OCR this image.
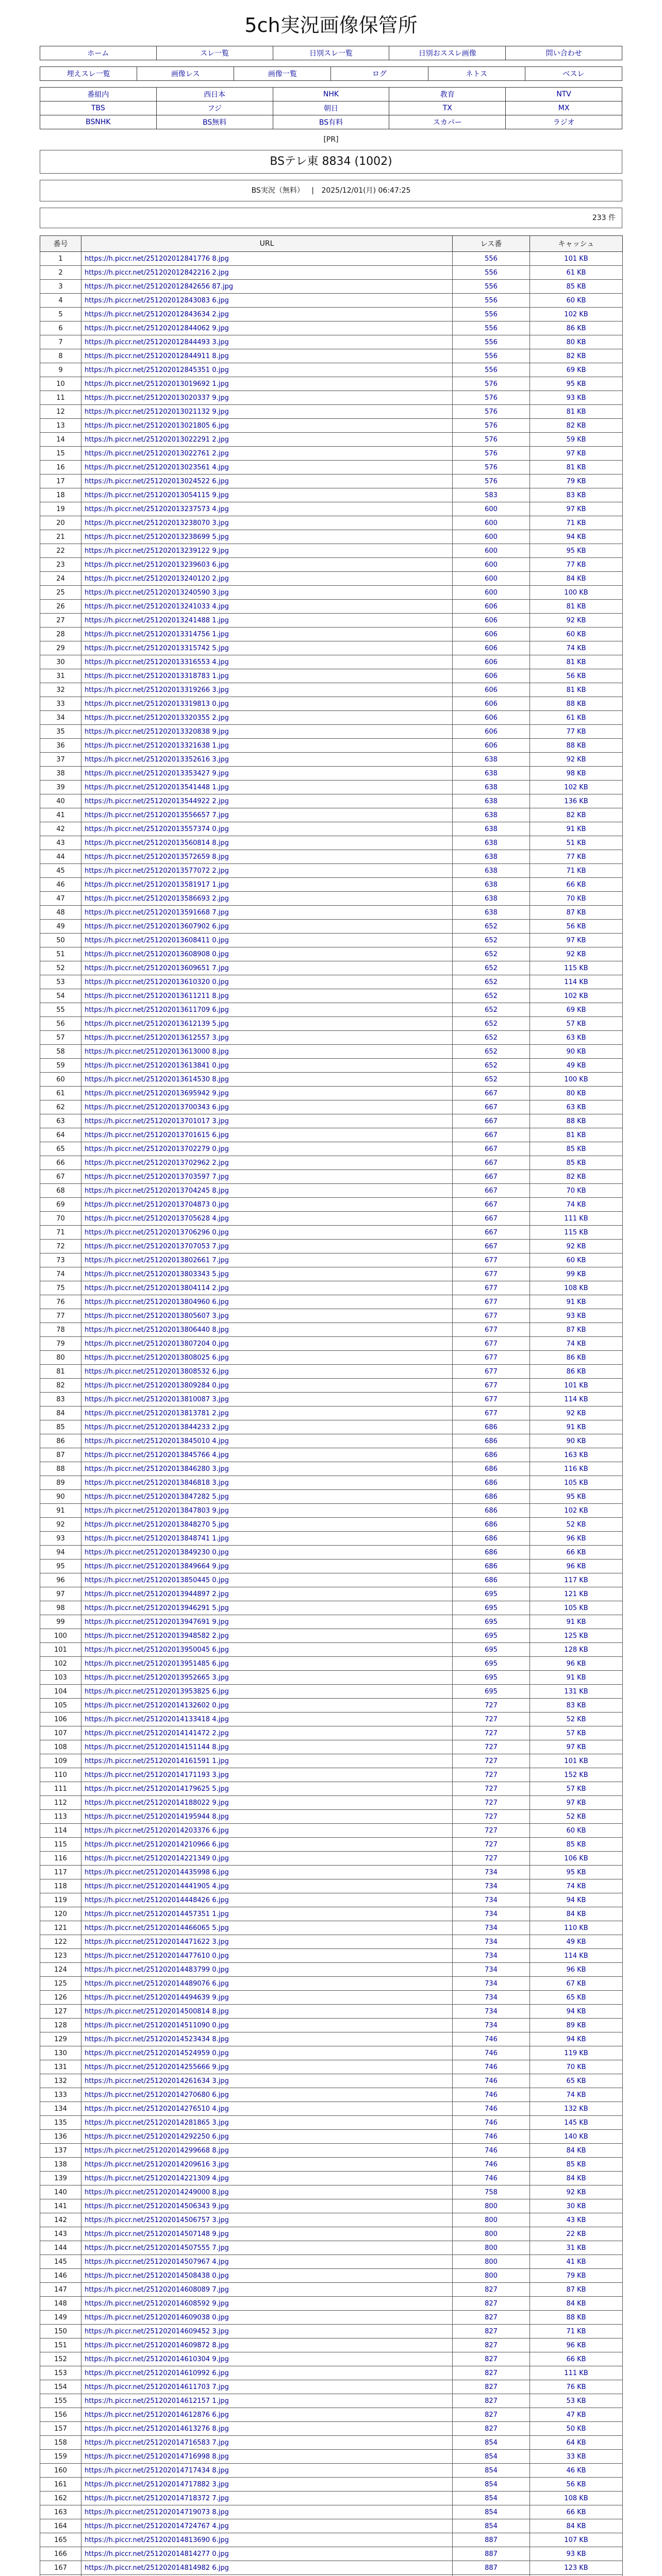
5ch実況画像保管所
ホーム	スレ一覧	日別スレ一覧	日別おススレ画像	問い合わせ
埋えスレ一覧	画像レス	画像一覧	ログ	ネトス	ベスレ
番組内	西日本	NHK	教育	NTV
TBS	フジ	朝日	TX	MX
BSNHK	BS無料	BS有料	スカパー	ラジオ
[PR]
BSテレ東 8834 (1002)
BS実況（無料） | 2025/12/01(月) 06:47:25
233 件
番号	URL	レス番	キャッシュ
1	https://h.piccr.net/251202012841776 8.jpg	556	101 KB
2	https://h.piccr.net/251202012842216 2.jpg	556	61 KB
3	https://h.piccr.net/251202012842656 87.jpg	556	85 KB
4	https://h.piccr.net/251202012843083 6.jpg	556	60 KB
5	https://h.piccr.net/251202012843634 2.jpg	556	102 KB
6	https://h.piccr.net/251202012844062 9.jpg	556	86 KB
7	https://h.piccr.net/251202012844493 3.jpg	556	80 KB
8	https://h.piccr.net/251202012844911 8.jpg	556	82 KB
9	https://h.piccr.net/251202012845351 0.jpg	556	69 KB
10	https://h.piccr.net/251202013019692 1.jpg	576	95 KB
11	https://h.piccr.net/251202013020337 9.jpg	576	93 KB
12	https://h.piccr.net/251202013021132 9.jpg	576	81 KB
13	https://h.piccr.net/251202013021805 6.jpg	576	82 KB
14	https://h.piccr.net/251202013022291 2.jpg	576	59 KB
15	https://h.piccr.net/251202013022761 2.jpg	576	97 KB
16	https://h.piccr.net/251202013023561 4.jpg	576	81 KB
17	https://h.piccr.net/251202013024522 6.jpg	576	79 KB
18	https://h.piccr.net/251202013054115 9.jpg	583	83 KB
19	https://h.piccr.net/251202013237573 4.jpg	600	97 KB
20	https://h.piccr.net/251202013238070 3.jpg	600	71 KB
21	https://h.piccr.net/251202013238699 5.jpg	600	94 KB
22	https://h.piccr.net/251202013239122 9.jpg	600	95 KB
23	https://h.piccr.net/251202013239603 6.jpg	600	77 KB
24	https://h.piccr.net/251202013240120 2.jpg	600	84 KB
25	https://h.piccr.net/251202013240590 3.jpg	600	100 KB
26	https://h.piccr.net/251202013241033 4.jpg	606	81 KB
27	https://h.piccr.net/251202013241488 1.jpg	606	92 KB
28	https://h.piccr.net/251202013314756 1.jpg	606	60 KB
29	https://h.piccr.net/251202013315742 5.jpg	606	74 KB
30	https://h.piccr.net/251202013316553 4.jpg	606	81 KB
31	https://h.piccr.net/251202013318783 1.jpg	606	56 KB
32	https://h.piccr.net/251202013319266 3.jpg	606	81 KB
33	https://h.piccr.net/251202013319813 0.jpg	606	88 KB
34	https://h.piccr.net/251202013320355 2.jpg	606	61 KB
35	https://h.piccr.net/251202013320838 9.jpg	606	77 KB
36	https://h.piccr.net/251202013321638 1.jpg	606	88 KB
37	https://h.piccr.net/251202013352616 3.jpg	638	92 KB
38	https://h.piccr.net/251202013353427 9.jpg	638	98 KB
39	https://h.piccr.net/251202013541448 1.jpg	638	102 KB
40	https://h.piccr.net/251202013544922 2.jpg	638	136 KB
41	https://h.piccr.net/251202013556657 7.jpg	638	82 KB
42	https://h.piccr.net/251202013557374 0.jpg	638	91 KB
43	https://h.piccr.net/251202013560814 8.jpg	638	51 KB
44	https://h.piccr.net/251202013572659 8.jpg	638	77 KB
45	https://h.piccr.net/251202013577072 2.jpg	638	71 KB
46	https://h.piccr.net/251202013581917 1.jpg	638	66 KB
47	https://h.piccr.net/251202013586693 2.jpg	638	70 KB
48	https://h.piccr.net/251202013591668 7.jpg	638	87 KB
49	https://h.piccr.net/251202013607902 6.jpg	652	56 KB
50	https://h.piccr.net/251202013608411 0.jpg	652	97 KB
51	https://h.piccr.net/251202013608908 0.jpg	652	92 KB
52	https://h.piccr.net/251202013609651 7.jpg	652	115 KB
53	https://h.piccr.net/251202013610320 0.jpg	652	114 KB
54	https://h.piccr.net/251202013611211 8.jpg	652	102 KB
55	https://h.piccr.net/251202013611709 6.jpg	652	69 KB
56	https://h.piccr.net/251202013612139 5.jpg	652	57 KB
57	https://h.piccr.net/251202013612557 3.jpg	652	63 KB
58	https://h.piccr.net/251202013613000 8.jpg	652	90 KB
59	https://h.piccr.net/251202013613841 0.jpg	652	49 KB
60	https://h.piccr.net/251202013614530 8.jpg	652	100 KB
61	https://h.piccr.net/251202013695942 9.jpg	667	80 KB
62	https://h.piccr.net/251202013700343 6.jpg	667	63 KB
63	https://h.piccr.net/251202013701017 3.jpg	667	88 KB
64	https://h.piccr.net/251202013701615 6.jpg	667	81 KB
65	https://h.piccr.net/251202013702279 0.jpg	667	85 KB
66	https://h.piccr.net/251202013702962 2.jpg	667	85 KB
67	https://h.piccr.net/251202013703597 7.jpg	667	82 KB
68	https://h.piccr.net/251202013704245 8.jpg	667	70 KB
69	https://h.piccr.net/251202013704873 0.jpg	667	74 KB
70	https://h.piccr.net/251202013705628 4.jpg	667	111 KB
71	https://h.piccr.net/251202013706296 0.jpg	667	115 KB
72	https://h.piccr.net/251202013707053 7.jpg	667	92 KB
73	https://h.piccr.net/251202013802661 7.jpg	677	60 KB
74	https://h.piccr.net/251202013803343 5.jpg	677	99 KB
75	https://h.piccr.net/251202013804114 2.jpg	677	108 KB
76	https://h.piccr.net/251202013804960 6.jpg	677	91 KB
77	https://h.piccr.net/251202013805607 3.jpg	677	93 KB
78	https://h.piccr.net/251202013806440 8.jpg	677	87 KB
79	https://h.piccr.net/251202013807204 0.jpg	677	74 KB
80	https://h.piccr.net/251202013808025 6.jpg	677	86 KB
81	https://h.piccr.net/251202013808532 6.jpg	677	86 KB
82	https://h.piccr.net/251202013809284 0.jpg	677	101 KB
83	https://h.piccr.net/251202013810087 3.jpg	677	114 KB
84	https://h.piccr.net/251202013813781 2.jpg	677	92 KB
85	https://h.piccr.net/251202013844233 2.jpg	686	91 KB
86	https://h.piccr.net/251202013845010 4.jpg	686	90 KB
87	https://h.piccr.net/251202013845766 4.jpg	686	163 KB
88	https://h.piccr.net/251202013846280 3.jpg	686	116 KB
89	https://h.piccr.net/251202013846818 3.jpg	686	105 KB
90	https://h.piccr.net/251202013847282 5.jpg	686	95 KB
91	https://h.piccr.net/251202013847803 9.jpg	686	102 KB
92	https://h.piccr.net/251202013848270 5.jpg	686	52 KB
93	https://h.piccr.net/251202013848741 1.jpg	686	96 KB
94	https://h.piccr.net/251202013849230 0.jpg	686	66 KB
95	https://h.piccr.net/251202013849664 9.jpg	686	96 KB
96	https://h.piccr.net/251202013850445 0.jpg	686	117 KB
97	https://h.piccr.net/251202013944897 2.jpg	695	121 KB
98	https://h.piccr.net/251202013946291 5.jpg	695	105 KB
99	https://h.piccr.net/251202013947691 9.jpg	695	91 KB
100	https://h.piccr.net/251202013948582 2.jpg	695	125 KB
101	https://h.piccr.net/251202013950045 6.jpg	695	128 KB
102	https://h.piccr.net/251202013951485 6.jpg	695	96 KB
103	https://h.piccr.net/251202013952665 3.jpg	695	91 KB
104	https://h.piccr.net/251202013953825 6.jpg	695	131 KB
105	https://h.piccr.net/251202014132602 0.jpg	727	83 KB
106	https://h.piccr.net/251202014133418 4.jpg	727	52 KB
107	https://h.piccr.net/251202014141472 2.jpg	727	57 KB
108	https://h.piccr.net/251202014151144 8.jpg	727	97 KB
109	https://h.piccr.net/251202014161591 1.jpg	727	101 KB
110	https://h.piccr.net/251202014171193 3.jpg	727	152 KB
111	https://h.piccr.net/251202014179625 5.jpg	727	57 KB
112	https://h.piccr.net/251202014188022 9.jpg	727	97 KB
113	https://h.piccr.net/251202014195944 8.jpg	727	52 KB
114	https://h.piccr.net/251202014203376 6.jpg	727	60 KB
115	https://h.piccr.net/251202014210966 6.jpg	727	85 KB
116	https://h.piccr.net/251202014221349 0.jpg	727	106 KB
117	https://h.piccr.net/251202014435998 6.jpg	734	95 KB
118	https://h.piccr.net/251202014441905 4.jpg	734	74 KB
119	https://h.piccr.net/251202014448426 6.jpg	734	94 KB
120	https://h.piccr.net/251202014457351 1.jpg	734	84 KB
121	https://h.piccr.net/251202014466065 5.jpg	734	110 KB
122	https://h.piccr.net/251202014471622 3.jpg	734	49 KB
123	https://h.piccr.net/251202014477610 0.jpg	734	114 KB
124	https://h.piccr.net/251202014483799 0.jpg	734	96 KB
125	https://h.piccr.net/251202014489076 6.jpg	734	67 KB
126	https://h.piccr.net/251202014494639 9.jpg	734	65 KB
127	https://h.piccr.net/251202014500814 8.jpg	734	94 KB
128	https://h.piccr.net/251202014511090 0.jpg	734	89 KB
129	https://h.piccr.net/251202014523434 8.jpg	746	94 KB
130	https://h.piccr.net/251202014524959 0.jpg	746	119 KB
131	https://h.piccr.net/251202014255666 9.jpg	746	70 KB
132	https://h.piccr.net/251202014261634 3.jpg	746	65 KB
133	https://h.piccr.net/251202014270680 6.jpg	746	74 KB
134	https://h.piccr.net/251202014276510 4.jpg	746	132 KB
135	https://h.piccr.net/251202014281865 3.jpg	746	145 KB
136	https://h.piccr.net/251202014292250 6.jpg	746	140 KB
137	https://h.piccr.net/251202014299668 8.jpg	746	84 KB
138	https://h.piccr.net/251202014209616 3.jpg	746	85 KB
139	https://h.piccr.net/251202014221309 4.jpg	746	84 KB
140	https://h.piccr.net/251202014249000 8.jpg	758	92 KB
141	https://h.piccr.net/251202014506343 9.jpg	800	30 KB
142	https://h.piccr.net/251202014506757 3.jpg	800	43 KB
143	https://h.piccr.net/251202014507148 9.jpg	800	22 KB
144	https://h.piccr.net/251202014507555 7.jpg	800	31 KB
145	https://h.piccr.net/251202014507967 4.jpg	800	41 KB
146	https://h.piccr.net/251202014508438 0.jpg	800	79 KB
147	https://h.piccr.net/251202014608089 7.jpg	827	87 KB
148	https://h.piccr.net/251202014608592 9.jpg	827	84 KB
149	https://h.piccr.net/251202014609038 0.jpg	827	88 KB
150	https://h.piccr.net/251202014609452 3.jpg	827	71 KB
151	https://h.piccr.net/251202014609872 8.jpg	827	96 KB
152	https://h.piccr.net/251202014610304 9.jpg	827	66 KB
153	https://h.piccr.net/251202014610992 6.jpg	827	111 KB
154	https://h.piccr.net/251202014611703 7.jpg	827	76 KB
155	https://h.piccr.net/251202014612157 1.jpg	827	53 KB
156	https://h.piccr.net/251202014612876 6.jpg	827	47 KB
157	https://h.piccr.net/251202014613276 8.jpg	827	50 KB
158	https://h.piccr.net/251202014716583 7.jpg	854	64 KB
159	https://h.piccr.net/251202014716998 8.jpg	854	33 KB
160	https://h.piccr.net/251202014717434 8.jpg	854	46 KB
161	https://h.piccr.net/251202014717882 3.jpg	854	56 KB
162	https://h.piccr.net/251202014718372 7.jpg	854	108 KB
163	https://h.piccr.net/251202014719073 8.jpg	854	66 KB
164	https://h.piccr.net/251202014724767 4.jpg	854	84 KB
165	https://h.piccr.net/251202014813690 6.jpg	887	107 KB
166	https://h.piccr.net/251202014814277 0.jpg	887	93 KB
167	https://h.piccr.net/251202014814982 6.jpg	887	123 KB
